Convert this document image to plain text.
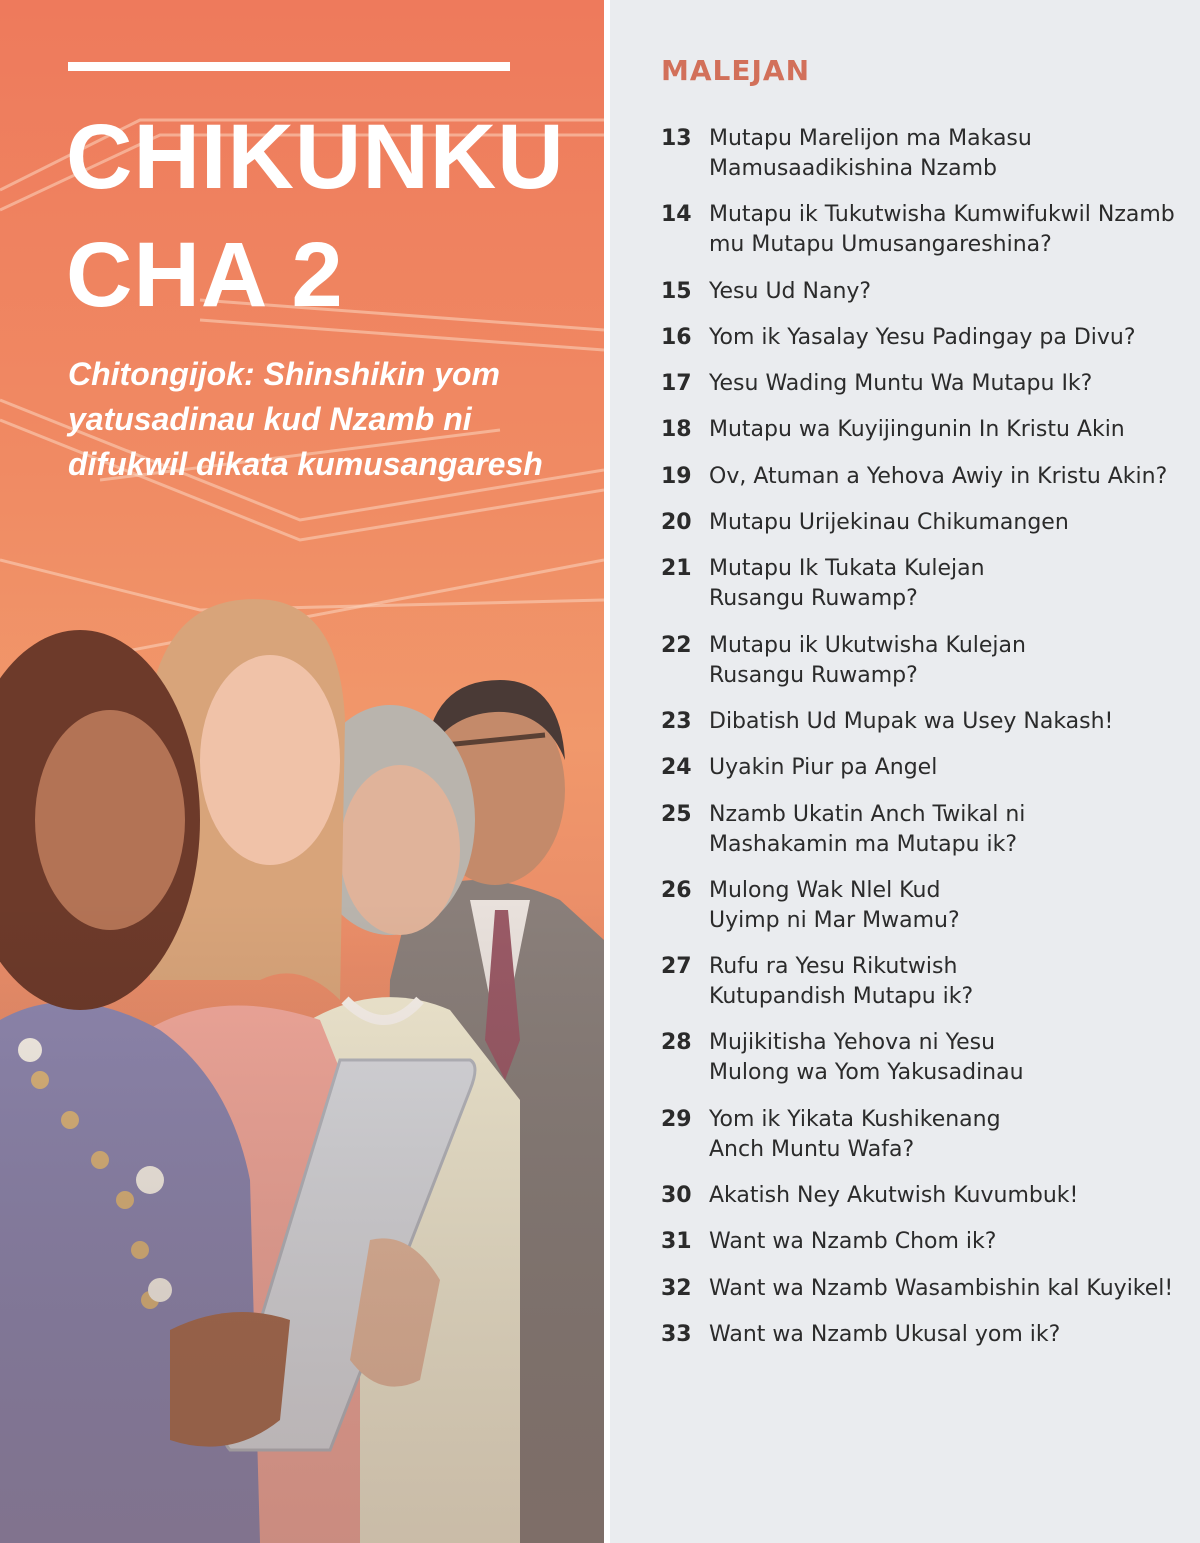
CHIKUNKU
CHA 2
Chitongijok: Shinshikin yom yatusadinau kud Nzamb ni difukwil dikata kumusangaresh
MALEJAN
13 Mutapu Marelijon ma Makasu
Mamusaadikishina Nzamb
14 Mutapu ik Tukutwisha Kumwifukwil Nzamb
mu Mutapu Umusangareshina?
15 Yesu Ud Nany?
16 Yom ik Yasalay Yesu Padingay pa Divu?
17 Yesu Wading Muntu Wa Mutapu Ik?
18 Mutapu wa Kuyijingunin In Kristu Akin
19 Ov, Atuman a Yehova Awiy in Kristu Akin?
20 Mutapu Urijekinau Chikumangen
21 Mutapu Ik Tukata Kulejan
Rusangu Ruwamp?
22 Mutapu ik Ukutwisha Kulejan
Rusangu Ruwamp?
23 Dibatish Ud Mupak wa Usey Nakash!
24 Uyakin Piur pa Angel
25 Nzamb Ukatin Anch Twikal ni
Mashakamin ma Mutapu ik?
26 Mulong Wak Nlel Kud
Uyimp ni Mar Mwamu?
27 Rufu ra Yesu Rikutwish
Kutupandish Mutapu ik?
28 Mujikitisha Yehova ni Yesu
Mulong wa Yom Yakusadinau
29 Yom ik Yikata Kushikenang
Anch Muntu Wafa?
30 Akatish Ney Akutwish Kuvumbuk!
31 Want wa Nzamb Chom ik?
32 Want wa Nzamb Wasambishin kal Kuyikel!
33 Want wa Nzamb Ukusal yom ik?
